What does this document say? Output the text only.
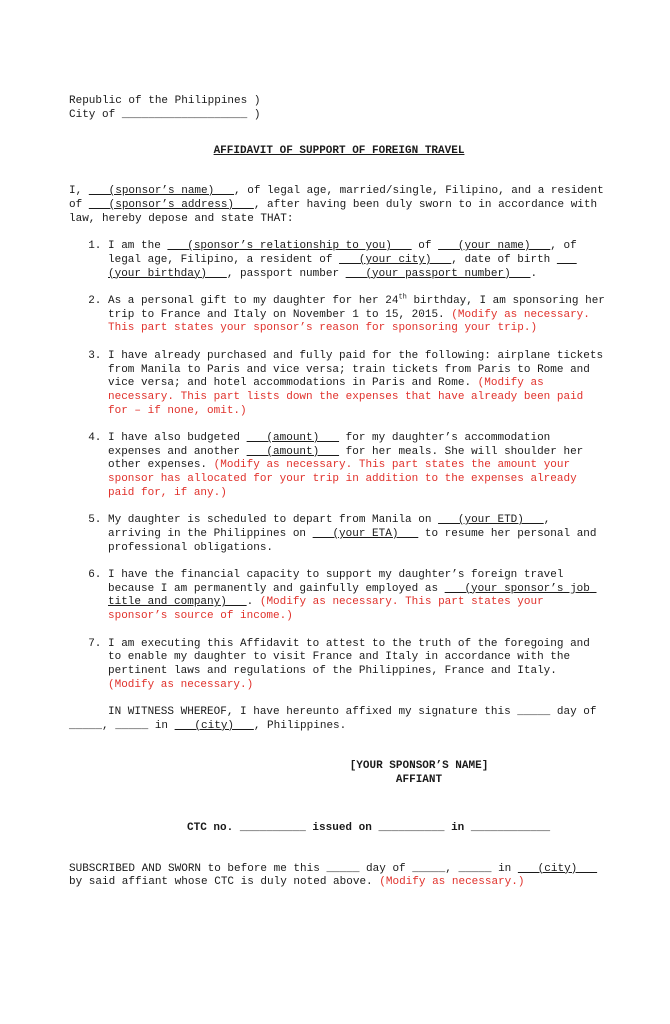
Republic of the Philippines )
City of ___________________ )
AFFIDAVIT OF SUPPORT OF FOREIGN TRAVEL
I,    (sponsor’s name)   , of legal age, married/single, Filipino, and a resident of    (sponsor’s address)   , after having been duly sworn to in accordance with law, hereby depose and state THAT:
1. I am the    (sponsor’s relationship to you)    of    (your name)   , of legal age, Filipino, a resident of    (your city)   , date of birth    (your birthday)   , passport number    (your passport number)   .
2. As a personal gift to my daughter for her 24th birthday, I am sponsoring her trip to France and Italy on November 1 to 15, 2015. (Modify as necessary. This part states your sponsor’s reason for sponsoring your trip.)
3. I have already purchased and fully paid for the following: airplane tickets from Manila to Paris and vice versa; train tickets from Paris to Rome and vice versa; and hotel accommodations in Paris and Rome. (Modify as necessary. This part lists down the expenses that have already been paid for – if none, omit.)
4. I have also budgeted    (amount)    for my daughter’s accommodation expenses and another    (amount)    for her meals. She will shoulder her other expenses. (Modify as necessary. This part states the amount your sponsor has allocated for your trip in addition to the expenses already paid for, if any.)
5. My daughter is scheduled to depart from Manila on    (your ETD)   , arriving in the Philippines on    (your ETA)    to resume her personal and professional obligations.
6. I have the financial capacity to support my daughter’s foreign travel because I am permanently and gainfully employed as    (your sponsor’s job title and company)   . (Modify as necessary. This part states your sponsor’s source of income.)
7. I am executing this Affidavit to attest to the truth of the foregoing and to enable my daughter to visit France and Italy in accordance with the pertinent laws and regulations of the Philippines, France and Italy. (Modify as necessary.)
IN WITNESS WHEREOF, I have hereunto affixed my signature this _____ day of _____, _____ in    (city)   , Philippines.
[YOUR SPONSOR’S NAME]
AFFIANT
CTC no. __________ issued on __________ in ____________
SUBSCRIBED AND SWORN to before me this _____ day of _____, _____ in    (city)    by said affiant whose CTC is duly noted above. (Modify as necessary.)
